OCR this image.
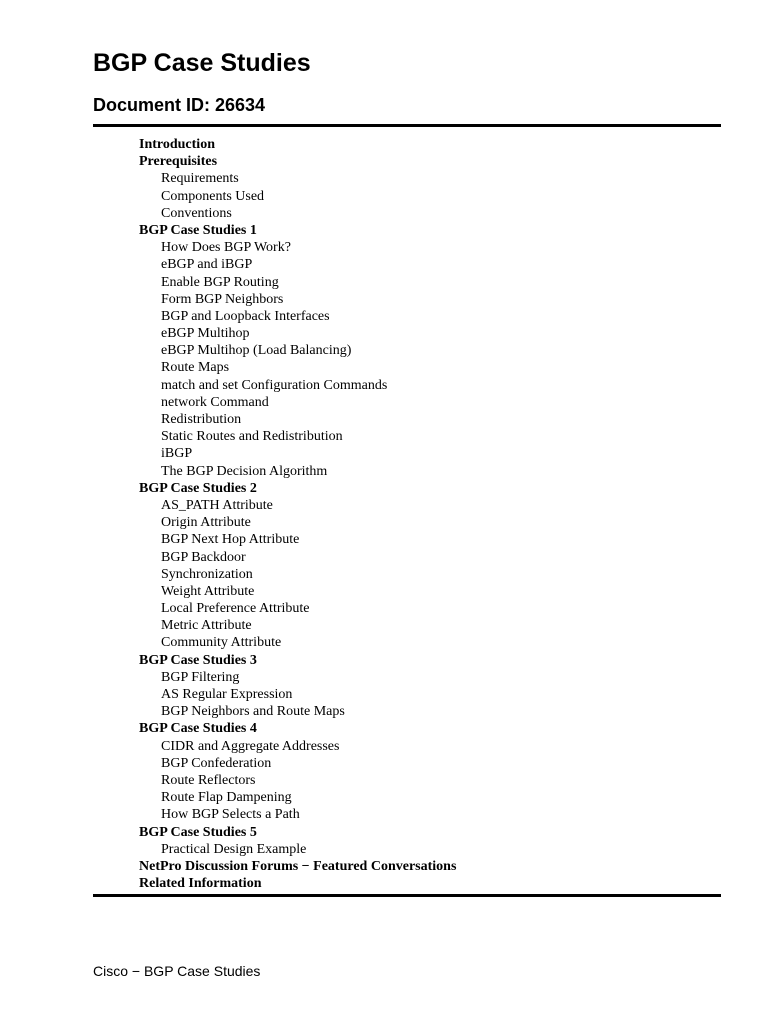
BGP Case Studies
Document ID: 26634
Introduction
Prerequisites
Requirements
Components Used
Conventions
BGP Case Studies 1
How Does BGP Work?
eBGP and iBGP
Enable BGP Routing
Form BGP Neighbors
BGP and Loopback Interfaces
eBGP Multihop
eBGP Multihop (Load Balancing)
Route Maps
match and set Configuration Commands
network Command
Redistribution
Static Routes and Redistribution
iBGP
The BGP Decision Algorithm
BGP Case Studies 2
AS_PATH Attribute
Origin Attribute
BGP Next Hop Attribute
BGP Backdoor
Synchronization
Weight Attribute
Local Preference Attribute
Metric Attribute
Community Attribute
BGP Case Studies 3
BGP Filtering
AS Regular Expression
BGP Neighbors and Route Maps
BGP Case Studies 4
CIDR and Aggregate Addresses
BGP Confederation
Route Reflectors
Route Flap Dampening
How BGP Selects a Path
BGP Case Studies 5
Practical Design Example
NetPro Discussion Forums − Featured Conversations
Related Information
Cisco − BGP Case Studies
